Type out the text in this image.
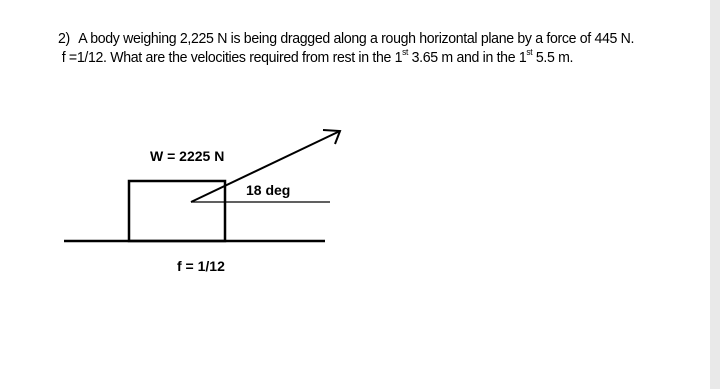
2) A body weighing 2,225 N is being dragged along a rough horizontal plane by a force of 445 N.
f =1/12. What are the velocities required from rest in the 1st 3.65 m and in the 1st 5.5 m.
W = 2225 N
18 deg
f = 1/12
